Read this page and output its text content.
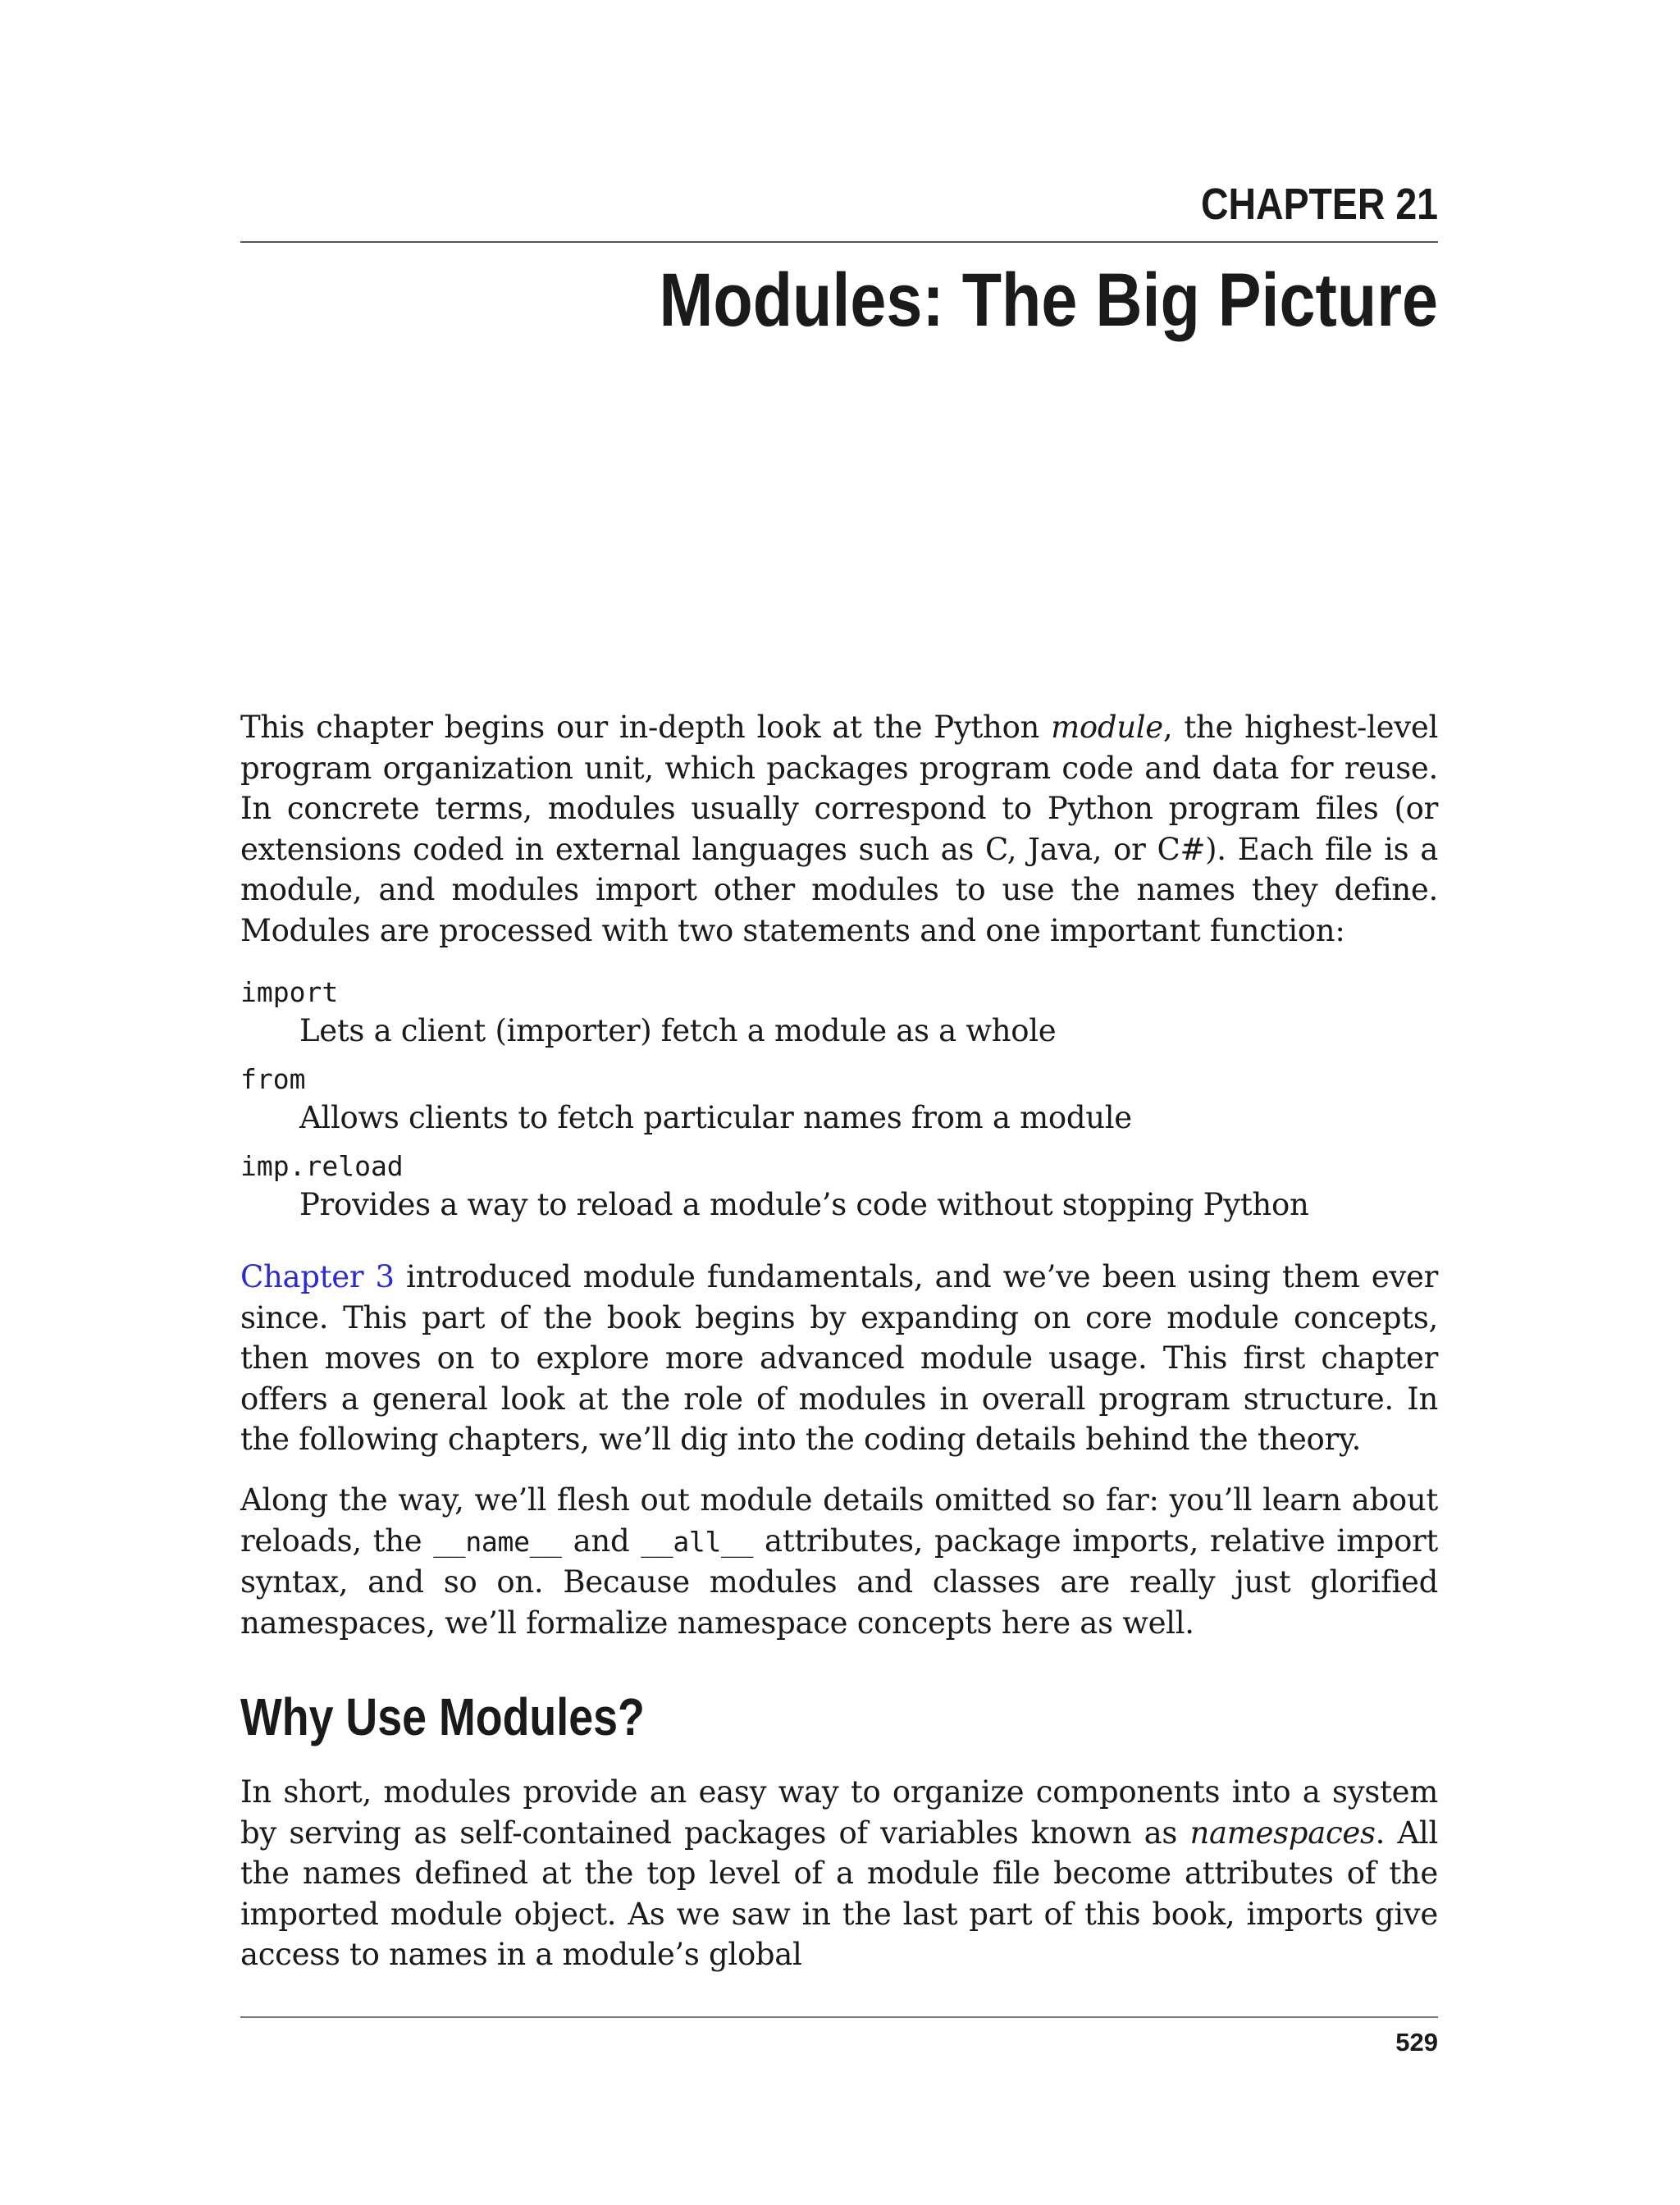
CHAPTER 21
Modules: The Big Picture

This chapter begins our in-depth look at the Python module, the highest-level program organization unit, which packages program code and data for reuse. In concrete terms, modules usually correspond to Python program files (or extensions coded in external languages such as C, Java, or C#). Each file is a module, and modules import other modules to use the names they define. Modules are processed with two statements and one important function:

import

Lets a client (importer) fetch a module as a whole

from

Allows clients to fetch particular names from a module

imp.reload

Provides a way to reload a module’s code without stopping Python

Chapter 3 introduced module fundamentals, and we’ve been using them ever since. This part of the book begins by expanding on core module concepts, then moves on to explore more advanced module usage. This first chapter offers a general look at the role of modules in overall program structure. In the following chapters, we’ll dig into the coding details behind the theory.

Along the way, we’ll flesh out module details omitted so far: you’ll learn about reloads, the __name__ and __all__ attributes, package imports, relative import syntax, and so on. Because modules and classes are really just glorified namespaces, we’ll formalize namespace concepts here as well.

Why Use Modules?

In short, modules provide an easy way to organize components into a system by serving as self-contained packages of variables known as namespaces. All the names defined at the top level of a module file become attributes of the imported module object. As we saw in the last part of this book, imports give access to names in a module’s global

529
